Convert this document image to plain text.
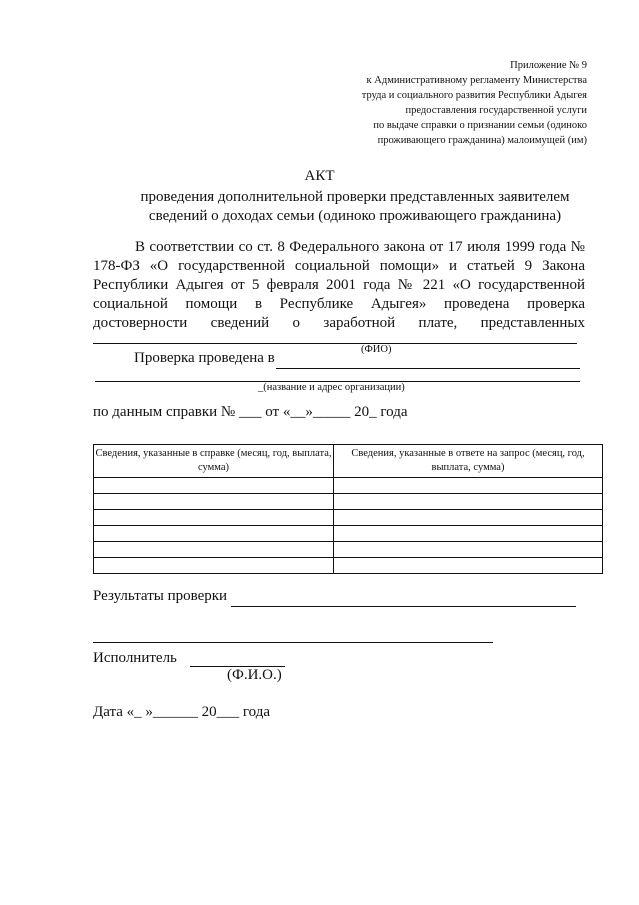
Приложение № 9
к Административному регламенту Министерства
труда и социального развития Республики Адыгея
предоставления государственной услуги
по выдаче справки о признании семьи (одиноко
проживающего гражданина) малоимущей (им)
АКТ
проведения дополнительной проверки представленных заявителем
сведений о доходах семьи (одиноко проживающего гражданина)
В соответствии со ст. 8 Федерального закона от 17 июля 1999 года № 178-ФЗ «О государственной социальной помощи» и статьей 9 Закона Республики Адыгея от 5 февраля 2001 года № 221 «О государственной социальной помощи в Республике Адыгея» проведена проверка достоверности сведений о заработной плате, представленных
(ФИО)
Проверка проведена в
_(название и адрес организации)
по данным справки № ___ от «__»_____ 20_ года
Сведения, указанные в справке (месяц, год, выплата, сумма)	Сведения, указанные в ответе на запрос (месяц, год, выплата, сумма)

Результаты проверки
Исполнитель
(Ф.И.О.)
Дата «_ »______ 20___ года
